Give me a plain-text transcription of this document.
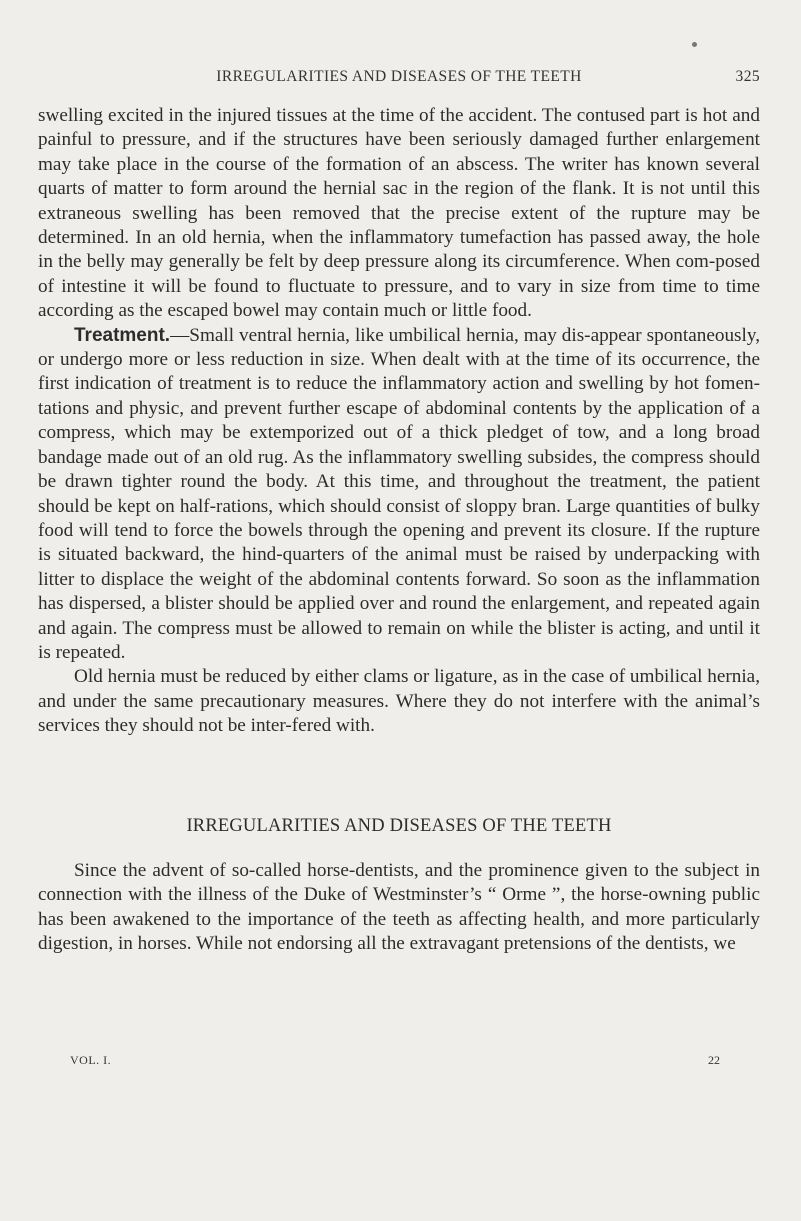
IRREGULARITIES AND DISEASES OF THE TEETH	325

swelling excited in the injured tissues at the time of the accident. The contused part is hot and painful to pressure, and if the structures have been seriously damaged further enlargement may take place in the course of the formation of an abscess. The writer has known several quarts of matter to form around the hernial sac in the region of the flank. It is not until this extraneous swelling has been removed that the precise extent of the rupture may be determined. In an old hernia, when the inflammatory tumefaction has passed away, the hole in the belly may generally be felt by deep pressure along its circumference. When com-posed of intestine it will be found to fluctuate to pressure, and to vary in size from time to time according as the escaped bowel may contain much or little food.

Treatment.—Small ventral hernia, like umbilical hernia, may dis-appear spontaneously, or undergo more or less reduction in size. When dealt with at the time of its occurrence, the first indication of treatment is to reduce the inflammatory action and swelling by hot fomen-tations and physic, and prevent further escape of abdominal contents by the application of a compress, which may be extemporized out of a thick pledget of tow, and a long broad bandage made out of an old rug. As the inflammatory swelling subsides, the compress should be drawn tighter round the body. At this time, and throughout the treatment, the patient should be kept on half-rations, which should consist of sloppy bran. Large quantities of bulky food will tend to force the bowels through the opening and prevent its closure. If the rupture is situated backward, the hind-quarters of the animal must be raised by underpacking with litter to displace the weight of the abdominal contents forward. So soon as the inflammation has dispersed, a blister should be applied over and round the enlargement, and repeated again and again. The compress must be allowed to remain on while the blister is acting, and until it is repeated.

Old hernia must be reduced by either clams or ligature, as in the case of umbilical hernia, and under the same precautionary measures. Where they do not interfere with the animal’s services they should not be inter-fered with.

IRREGULARITIES AND DISEASES OF THE TEETH

Since the advent of so-called horse-dentists, and the prominence given to the subject in connection with the illness of the Duke of Westminster’s “ Orme ”, the horse-owning public has been awakened to the importance of the teeth as affecting health, and more particularly digestion, in horses. While not endorsing all the extravagant pretensions of the dentists, we

VOL. I.	22
